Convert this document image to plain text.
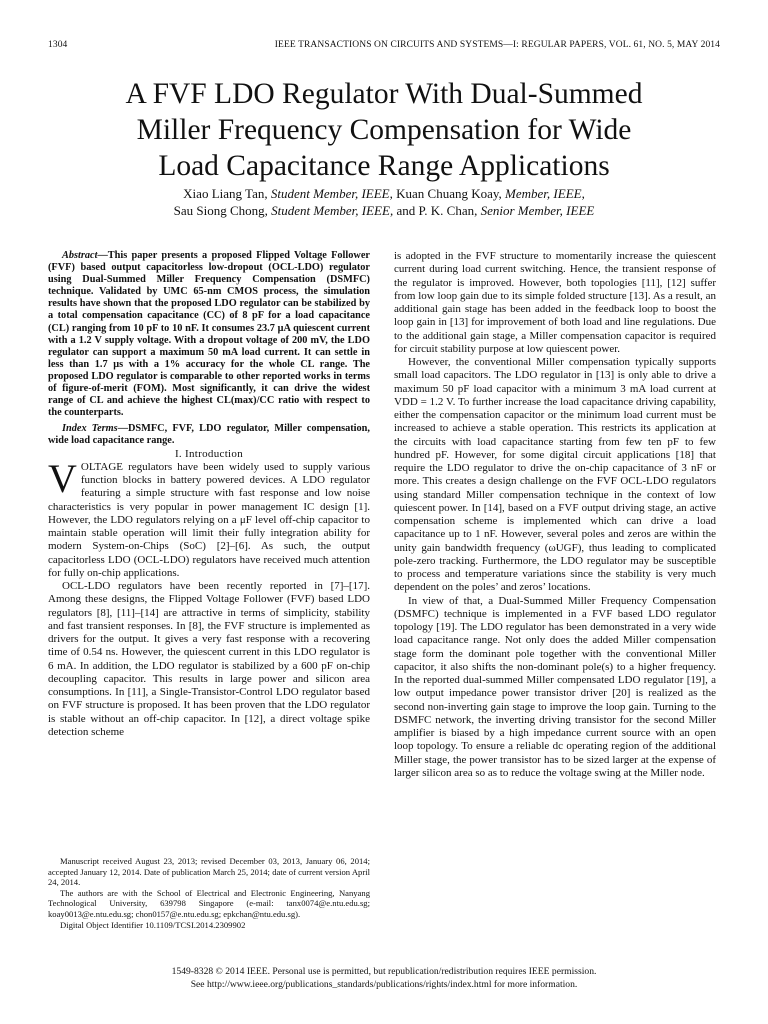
1304	IEEE TRANSACTIONS ON CIRCUITS AND SYSTEMS—I: REGULAR PAPERS, VOL. 61, NO. 5, MAY 2014
A FVF LDO Regulator With Dual-Summed
Miller Frequency Compensation for Wide
Load Capacitance Range Applications
Xiao Liang Tan, Student Member, IEEE, Kuan Chuang Koay, Member, IEEE,
Sau Siong Chong, Student Member, IEEE, and P. K. Chan, Senior Member, IEEE

Abstract—This paper presents a proposed Flipped Voltage Follower (FVF) based output capacitorless low-dropout (OCL-LDO) regulator using Dual-Summed Miller Frequency Compensation (DSMFC) technique. Validated by UMC 65-nm CMOS process, the simulation results have shown that the proposed LDO regulator can be stabilized by a total compensation capacitance (CC) of 8 pF for a load capacitance (CL) ranging from 10 pF to 10 nF. It consumes 23.7 μA quiescent current with a 1.2 V supply voltage. With a dropout voltage of 200 mV, the LDO regulator can support a maximum 50 mA load current. It can settle in less than 1.7 μs with a 1% accuracy for the whole CL range. The proposed LDO regulator is comparable to other reported works in terms of figure-of-merit (FOM). Most significantly, it can drive the widest range of CL and achieve the highest CL(max)/CC ratio with respect to the counterparts.

Index Terms—DSMFC, FVF, LDO regulator, Miller compensation, wide load capacitance range.

I. Introduction

VOLTAGE regulators have been widely used to supply various function blocks in battery powered devices. A LDO regulator featuring a simple structure with fast response and low noise characteristics is very popular in power management IC design [1]. However, the LDO regulators relying on a μF level off-chip capacitor to maintain stable operation will limit their fully integration ability for modern System-on-Chips (SoC) [2]–[6]. As such, the output capacitorless LDO (OCL-LDO) regulators have received much attention for fully on-chip applications.

OCL-LDO regulators have been recently reported in [7]–[17]. Among these designs, the Flipped Voltage Follower (FVF) based LDO regulators [8], [11]–[14] are attractive in terms of simplicity, stability and fast transient responses. In [8], the FVF structure is implemented as drivers for the output. It gives a very fast response with a recovering time of 0.54 ns. However, the quiescent current in this LDO regulator is 6 mA. In addition, the LDO regulator is stabilized by a 600 pF on-chip decoupling capacitor. This results in large power and silicon area consumptions. In [11], a Single-Transistor-Control LDO regulator based on FVF structure is proposed. It has been proven that the LDO regulator is stable without an off-chip capacitor. In [12], a direct voltage spike detection scheme

Manuscript received August 23, 2013; revised December 03, 2013, January 06, 2014; accepted January 12, 2014. Date of publication March 25, 2014; date of current version April 24, 2014.

The authors are with the School of Electrical and Electronic Engineering, Nanyang Technological University, 639798 Singapore (e-mail: tanx0074@e.ntu.edu.sg; koay0013@e.ntu.edu.sg; chon0157@e.ntu.edu.sg; epkchan@ntu.edu.sg).

Digital Object Identifier 10.1109/TCSI.2014.2309902

is adopted in the FVF structure to momentarily increase the quiescent current during load current switching. Hence, the transient response of the regulator is improved. However, both topologies [11], [12] suffer from low loop gain due to its simple folded structure [13]. As a result, an additional gain stage has been added in the feedback loop to boost the loop gain in [13] for improvement of both load and line regulations. Due to the additional gain stage, a Miller compensation capacitor is required for circuit stability purpose at low quiescent power.

However, the conventional Miller compensation typically supports small load capacitors. The LDO regulator in [13] is only able to drive a maximum 50 pF load capacitor with a minimum 3 mA load current at VDD = 1.2 V. To further increase the load capacitance driving capability, either the compensation capacitor or the minimum load current must be increased to achieve a stable operation. This restricts its application at the circuits with load capacitance starting from few ten pF to few hundred pF. However, for some digital circuit applications [18] that require the LDO regulator to drive the on-chip capacitance of 3 nF or more. This creates a design challenge on the FVF OCL-LDO regulators using standard Miller compensation technique in the context of low quiescent power. In [14], based on a FVF output driving stage, an active compensation scheme is implemented which can drive a load capacitance up to 1 nF. However, several poles and zeros are within the unity gain bandwidth frequency (ωUGF), thus leading to complicated pole-zero tracking. Furthermore, the LDO regulator may be susceptible to process and temperature variations since the stability is very much dependent on the poles’ and zeros’ locations.

In view of that, a Dual-Summed Miller Frequency Compensation (DSMFC) technique is implemented in a FVF based LDO regulator topology [19]. The LDO regulator has been demonstrated in a very wide load capacitance range. Not only does the added Miller compensation stage form the dominant pole together with the conventional Miller capacitor, it also shifts the non-dominant pole(s) to a higher frequency. In the reported dual-summed Miller compensated LDO regulator [19], a low output impedance power transistor driver [20] is realized as the second non-inverting gain stage to improve the loop gain. Turning to the DSMFC network, the inverting driving transistor for the second Miller amplifier is biased by a high impedance current source with an open loop topology. To ensure a reliable dc operating region of the additional Miller stage, the power transistor has to be sized larger at the expense of larger silicon area so as to reduce the voltage swing at the Miller node.

1549-8328 © 2014 IEEE. Personal use is permitted, but republication/redistribution requires IEEE permission.
See http://www.ieee.org/publications_standards/publications/rights/index.html for more information.
